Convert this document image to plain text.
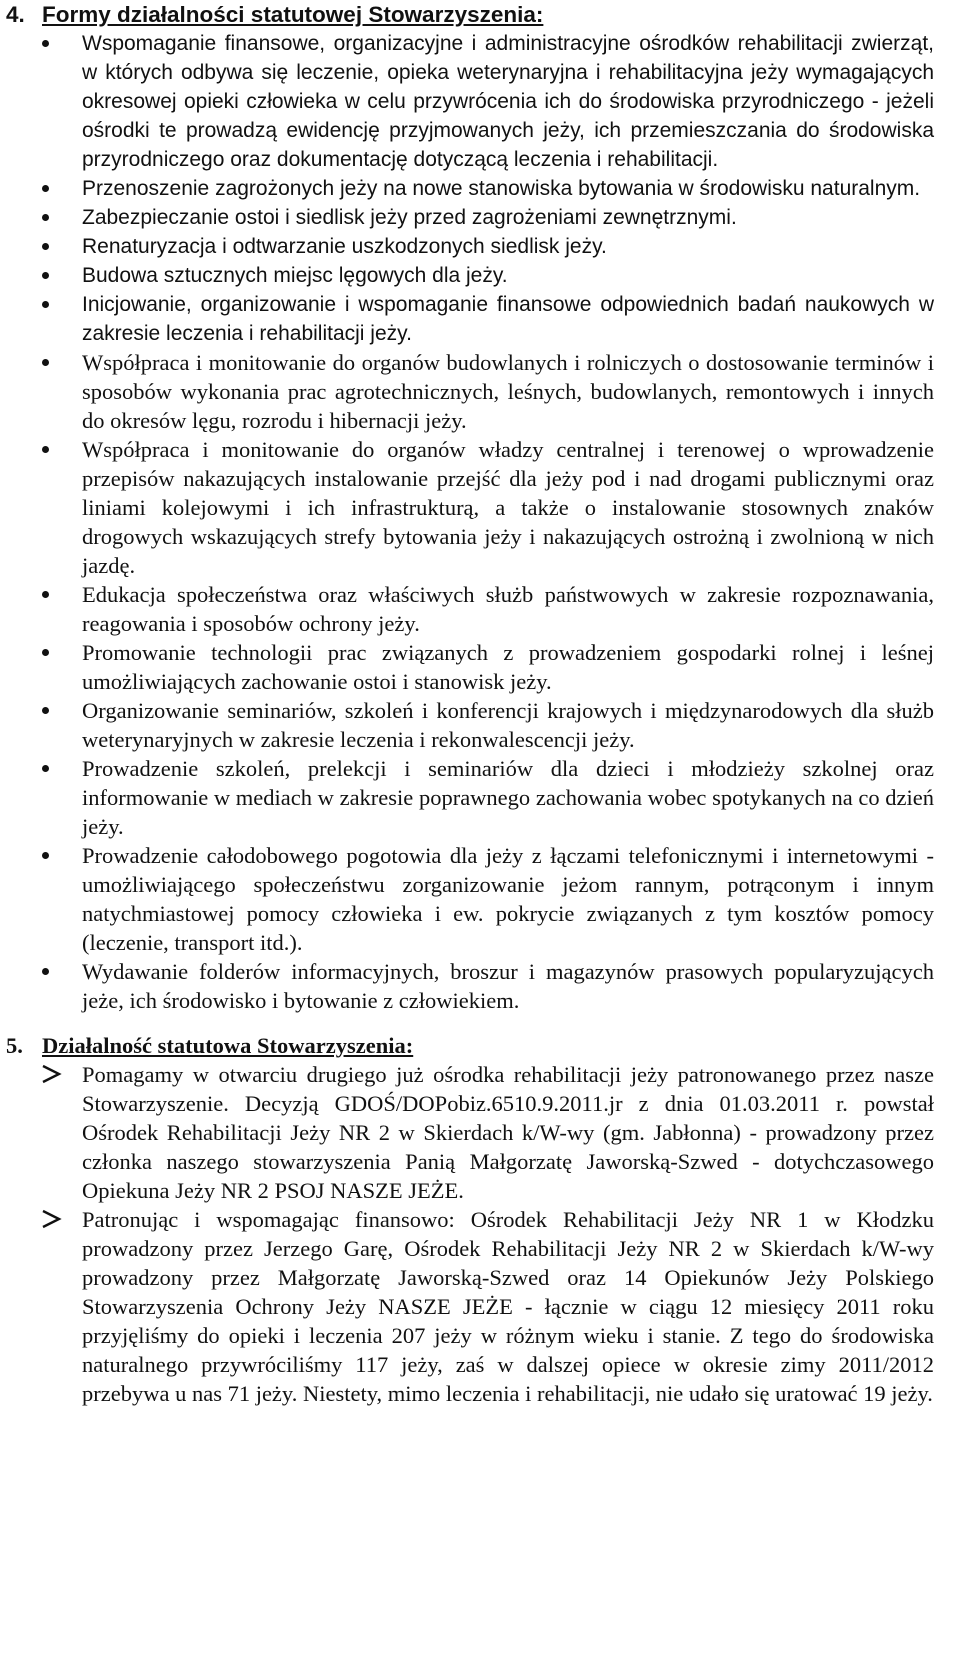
4. Formy działalności statutowej Stowarzyszenia:
Wspomaganie finansowe, organizacyjne i administracyjne ośrodków rehabilitacji zwierząt, w których odbywa się leczenie, opieka weterynaryjna i rehabilitacyjna jeży wymagających okresowej opieki człowieka w celu przywrócenia ich do środowiska przyrodniczego - jeżeli ośrodki te prowadzą ewidencję przyjmowanych jeży, ich przemieszczania do środowiska przyrodniczego oraz dokumentację dotyczącą leczenia i rehabilitacji.
Przenoszenie zagrożonych jeży na nowe stanowiska bytowania w środowisku naturalnym.
Zabezpieczanie ostoi i siedlisk jeży przed zagrożeniami zewnętrznymi.
Renaturyzacja i odtwarzanie uszkodzonych siedlisk jeży.
Budowa sztucznych miejsc lęgowych dla jeży.
Inicjowanie, organizowanie i wspomaganie finansowe odpowiednich badań naukowych w zakresie leczenia i rehabilitacji jeży.
Współpraca i monitowanie do organów budowlanych i rolniczych o dostosowanie terminów i sposobów wykonania prac agrotechnicznych, leśnych, budowlanych, remontowych i innych do okresów lęgu, rozrodu i hibernacji jeży.
Współpraca i monitowanie do organów władzy centralnej i terenowej o wprowadzenie przepisów nakazujących instalowanie przejść dla jeży pod i nad drogami publicznymi oraz liniami kolejowymi i ich infrastrukturą, a także o instalowanie stosownych znaków drogowych wskazujących strefy bytowania jeży i nakazujących ostrożną i zwolnioną w nich jazdę.
Edukacja społeczeństwa oraz właściwych służb państwowych w zakresie rozpoznawania, reagowania i sposobów ochrony jeży.
Promowanie technologii prac związanych z prowadzeniem gospodarki rolnej i leśnej umożliwiających zachowanie ostoi i stanowisk jeży.
Organizowanie seminariów, szkoleń i konferencji krajowych i międzynarodowych dla służb weterynaryjnych w zakresie leczenia i rekonwalescencji jeży.
Prowadzenie szkoleń, prelekcji i seminariów dla dzieci i młodzieży szkolnej oraz informowanie w mediach w zakresie poprawnego zachowania wobec spotykanych na co dzień jeży.
Prowadzenie całodobowego pogotowia dla jeży z łączami telefonicznymi i internetowymi - umożliwiającego społeczeństwu zorganizowanie jeżom rannym, potrąconym i innym natychmiastowej pomocy człowieka i ew. pokrycie związanych z tym kosztów pomocy (leczenie, transport itd.).
Wydawanie folderów informacyjnych, broszur i magazynów prasowych popularyzujących jeże, ich środowisko i bytowanie z człowiekiem.
5. Działalność statutowa Stowarzyszenia:
Pomagamy w otwarciu drugiego już ośrodka rehabilitacji jeży patronowanego przez nasze Stowarzyszenie. Decyzją GDOŚ/DOPobiz.6510.9.2011.jr z dnia 01.03.2011 r. powstał Ośrodek Rehabilitacji Jeży NR 2 w Skierdach k/W-wy (gm. Jabłonna) - prowadzony przez członka naszego stowarzyszenia Panią Małgorzatę Jaworską-Szwed - dotychczasowego Opiekuna Jeży NR 2 PSOJ NASZE JEŻE.
Patronując i wspomagając finansowo: Ośrodek Rehabilitacji Jeży NR 1 w Kłodzku prowadzony przez Jerzego Garę, Ośrodek Rehabilitacji Jeży NR 2 w Skierdach k/W-wy prowadzony przez Małgorzatę Jaworską-Szwed oraz 14 Opiekunów Jeży Polskiego Stowarzyszenia Ochrony Jeży NASZE JEŻE - łącznie w ciągu 12 miesięcy 2011 roku przyjęliśmy do opieki i leczenia 207 jeży w różnym wieku i stanie. Z tego do środowiska naturalnego przywróciliśmy 117 jeży, zaś w dalszej opiece w okresie zimy 2011/2012 przebywa u nas 71 jeży. Niestety, mimo leczenia i rehabilitacji, nie udało się uratować 19 jeży.
